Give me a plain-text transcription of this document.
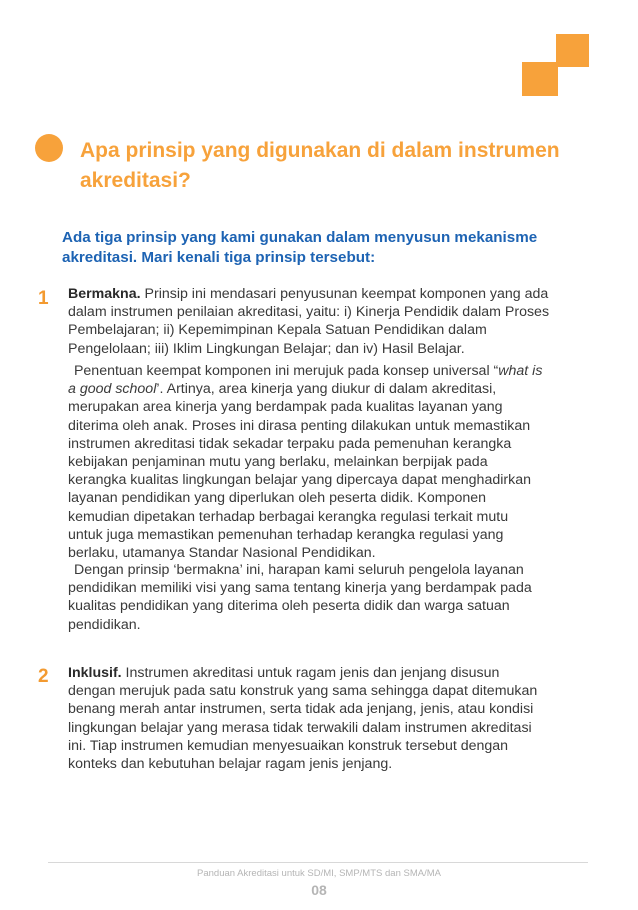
Apa prinsip yang digunakan di dalam instrumen
akreditasi?
Ada tiga prinsip yang kami gunakan dalam menyusun mekanisme
akreditasi. Mari kenali tiga prinsip tersebut:
1 Bermakna. Prinsip ini mendasari penyusunan keempat komponen yang ada
dalam instrumen penilaian akreditasi, yaitu: i) Kinerja Pendidik dalam Proses
Pembelajaran; ii) Kepemimpinan Kepala Satuan Pendidikan dalam
Pengelolaan; iii) Iklim Lingkungan Belajar; dan iv) Hasil Belajar.
Penentuan keempat komponen ini merujuk pada konsep universal “what is
a good school’. Artinya, area kinerja yang diukur di dalam akreditasi,
merupakan area kinerja yang berdampak pada kualitas layanan yang
diterima oleh anak. Proses ini dirasa penting dilakukan untuk memastikan
instrumen akreditasi tidak sekadar terpaku pada pemenuhan kerangka
kebijakan penjaminan mutu yang berlaku, melainkan berpijak pada
kerangka kualitas lingkungan belajar yang dipercaya dapat menghadirkan
layanan pendidikan yang diperlukan oleh peserta didik. Komponen
kemudian dipetakan terhadap berbagai kerangka regulasi terkait mutu
untuk juga memastikan pemenuhan terhadap kerangka regulasi yang
berlaku, utamanya Standar Nasional Pendidikan.
Dengan prinsip ‘bermakna’ ini, harapan kami seluruh pengelola layanan
pendidikan memiliki visi yang sama tentang kinerja yang berdampak pada
kualitas pendidikan yang diterima oleh peserta didik dan warga satuan
pendidikan.
2 Inklusif. Instrumen akreditasi untuk ragam jenis dan jenjang disusun
dengan merujuk pada satu konstruk yang sama sehingga dapat ditemukan
benang merah antar instrumen, serta tidak ada jenjang, jenis, atau kondisi
lingkungan belajar yang merasa tidak terwakili dalam instrumen akreditasi
ini. Tiap instrumen kemudian menyesuaikan konstruk tersebut dengan
konteks dan kebutuhan belajar ragam jenis jenjang.
Panduan Akreditasi untuk SD/MI, SMP/MTS dan SMA/MA
08
